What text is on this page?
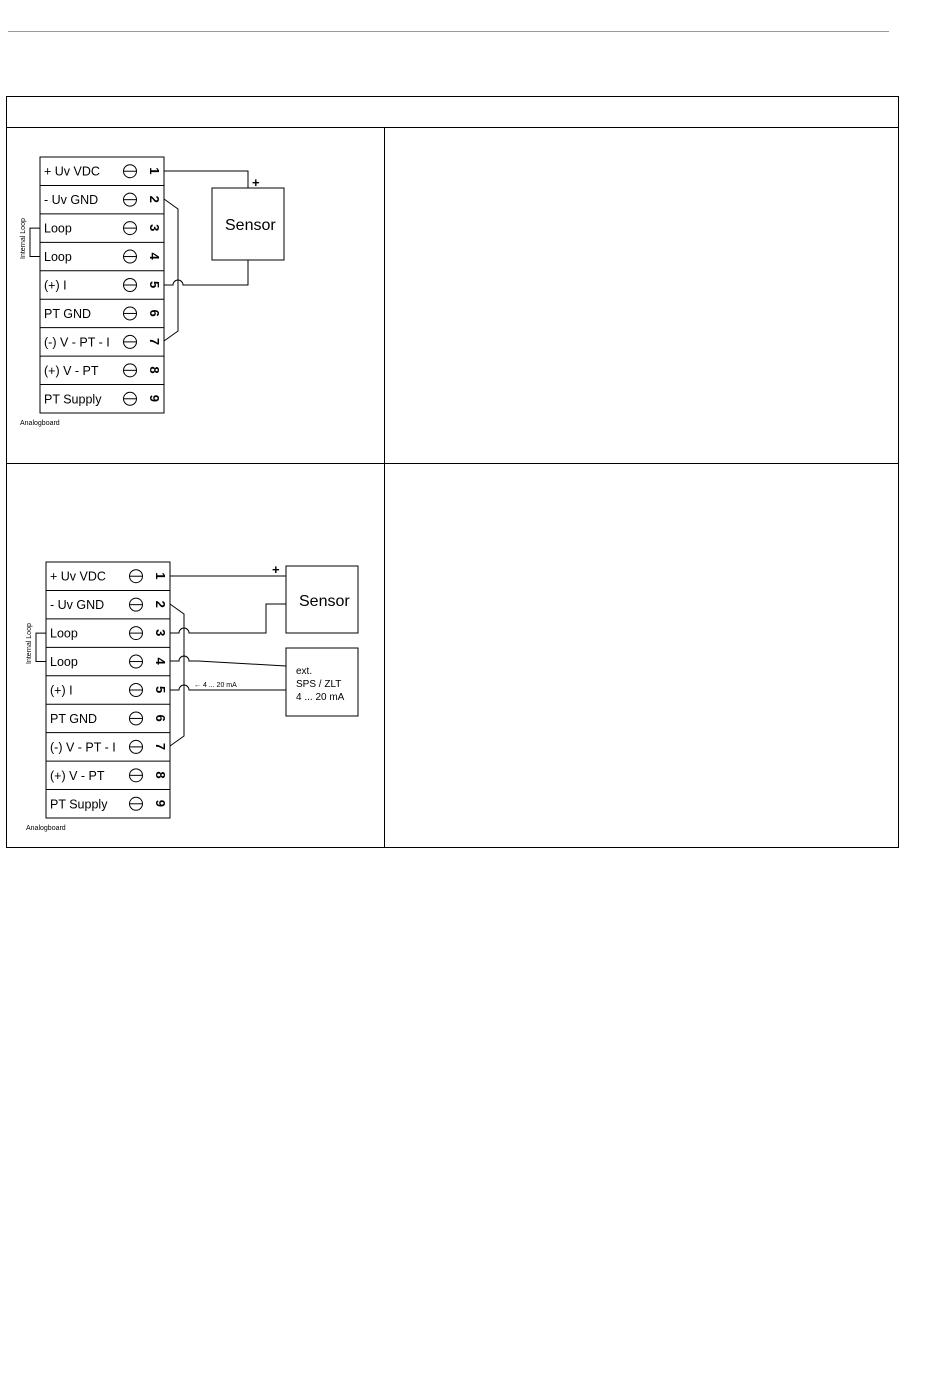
+ Uv VDC	1
- Uv GND	2
Loop	3
Loop	4
(+) I	5
PT GND	6
(-) V - PT - I	7
(+) V - PT	8
PT Supply	9
Internal Loop
Analogboard
Sensor
+
+ Uv VDC	1
- Uv GND	2
Loop	3
Loop	4
(+) I	5
PT GND	6
(-) V - PT - I	7
(+) V - PT	8
PT Supply	9
Internal Loop
Analogboard
Sensor
+
ext.
SPS / ZLT
4 ... 20 mA
← 4 ... 20 mA
